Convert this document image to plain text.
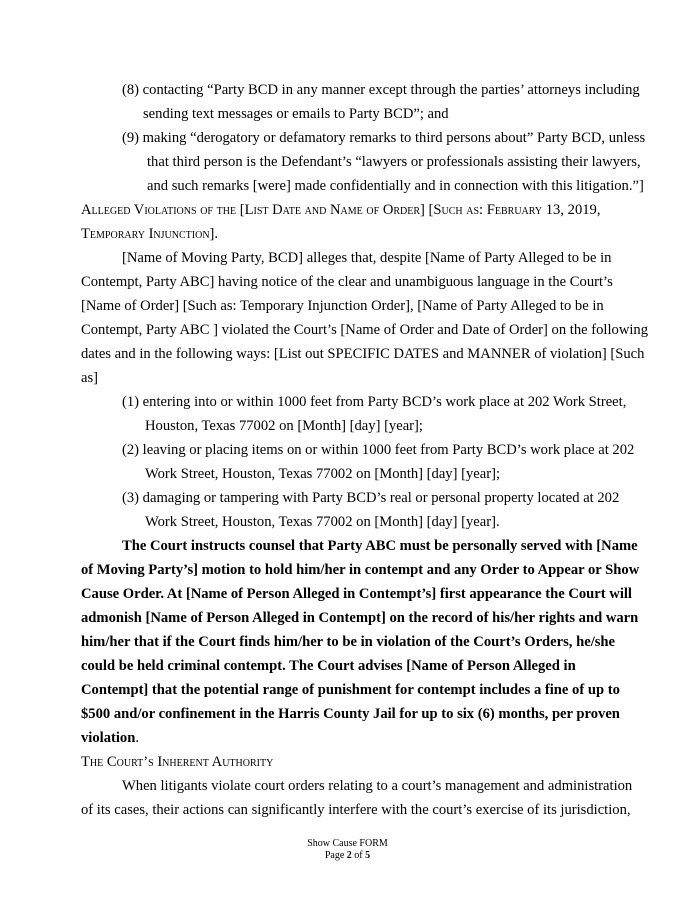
(8) contacting “Party BCD in any manner except through the parties’ attorneys including
sending text messages or emails to Party BCD”; and
(9) making “derogatory or defamatory remarks to third persons about” Party BCD, unless
that third person is the Defendant’s “lawyers or professionals assisting their lawyers,
and such remarks [were] made confidentially and in connection with this litigation.”]
Alleged Violations of the [List Date and Name of Order] [Such as: February 13, 2019,
Temporary Injunction].
[Name of Moving Party, BCD] alleges that, despite [Name of Party Alleged to be in
Contempt, Party ABC] having notice of the clear and unambiguous language in the Court’s
[Name of Order] [Such as: Temporary Injunction Order], [Name of Party Alleged to be in
Contempt, Party ABC ] violated the Court’s [Name of Order and Date of Order] on the following
dates and in the following ways: [List out SPECIFIC DATES and MANNER of violation] [Such
as]
(1) entering into or within 1000 feet from Party BCD’s work place at 202 Work Street,
Houston, Texas 77002 on [Month] [day] [year];
(2) leaving or placing items on or within 1000 feet from Party BCD’s work place at 202
Work Street, Houston, Texas 77002 on [Month] [day] [year];
(3) damaging or tampering with Party BCD’s real or personal property located at 202
Work Street, Houston, Texas 77002 on [Month] [day] [year].
The Court instructs counsel that Party ABC must be personally served with [Name
of Moving Party’s] motion to hold him/her in contempt and any Order to Appear or Show
Cause Order. At [Name of Person Alleged in Contempt’s] first appearance the Court will
admonish [Name of Person Alleged in Contempt] on the record of his/her rights and warn
him/her that if the Court finds him/her to be in violation of the Court’s Orders, he/she
could be held criminal contempt. The Court advises [Name of Person Alleged in
Contempt] that the potential range of punishment for contempt includes a fine of up to
$500 and/or confinement in the Harris County Jail for up to six (6) months, per proven
violation.
The Court’s Inherent Authority
When litigants violate court orders relating to a court’s management and administration
of its cases, their actions can significantly interfere with the court’s exercise of its jurisdiction,
Show Cause FORM
Page 2 of 5
